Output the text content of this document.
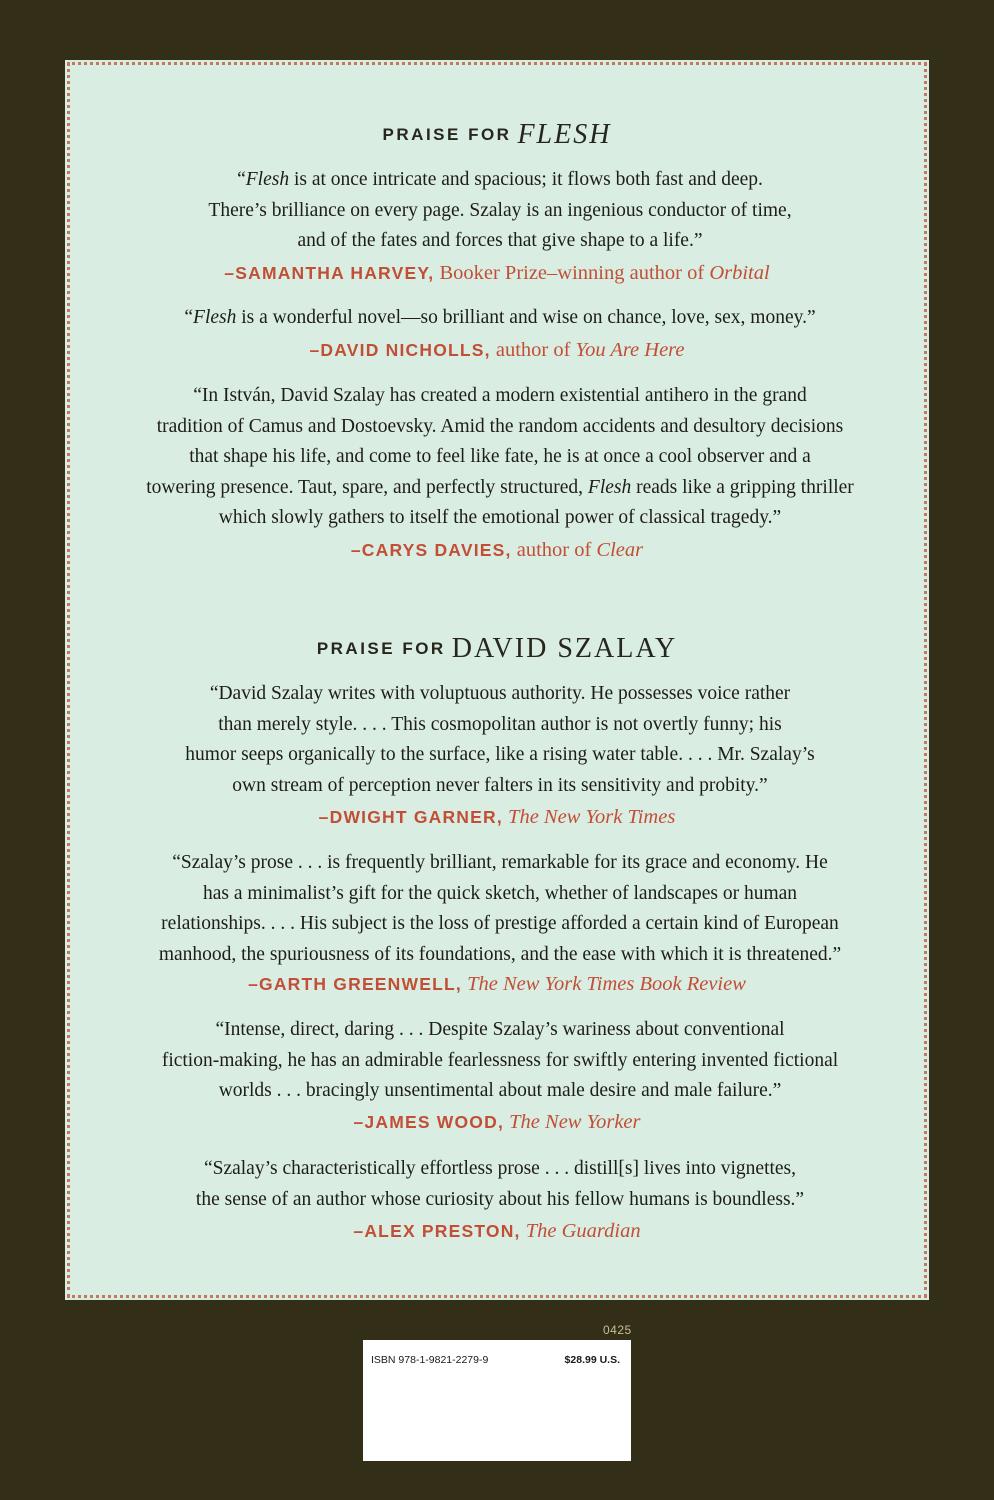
PRAISE FOR FLESH

“Flesh is at once intricate and spacious; it flows both fast and deep.

There’s brilliance on every page. Szalay is an ingenious conductor of time,

and of the fates and forces that give shape to a life.”

–SAMANTHA HARVEY, Booker Prize–winning author of Orbital

“Flesh is a wonderful novel—so brilliant and wise on chance, love, sex, money.”

–DAVID NICHOLLS, author of You Are Here

“In István, David Szalay has created a modern existential antihero in the grand

tradition of Camus and Dostoevsky. Amid the random accidents and desultory decisions

that shape his life, and come to feel like fate, he is at once a cool observer and a

towering presence. Taut, spare, and perfectly structured, Flesh reads like a gripping thriller

which slowly gathers to itself the emotional power of classical tragedy.”

–CARYS DAVIES, author of Clear
PRAISE FOR DAVID SZALAY

“David Szalay writes with voluptuous authority. He possesses voice rather

than merely style. . . . This cosmopolitan author is not overtly funny; his

humor seeps organically to the surface, like a rising water table. . . . Mr. Szalay’s

own stream of perception never falters in its sensitivity and probity.”

–DWIGHT GARNER, The New York Times

“Szalay’s prose . . . is frequently brilliant, remarkable for its grace and economy. He

has a minimalist’s gift for the quick sketch, whether of landscapes or human

relationships. . . . His subject is the loss of prestige afforded a certain kind of European

manhood, the spuriousness of its foundations, and the ease with which it is threatened.”

–GARTH GREENWELL, The New York Times Book Review

“Intense, direct, daring . . . Despite Szalay’s wariness about conventional

fiction-making, he has an admirable fearlessness for swiftly entering invented fictional

worlds . . . bracingly unsentimental about male desire and male failure.”

–JAMES WOOD, The New Yorker

“Szalay’s characteristically effortless prose . . . distill[s] lives into vignettes,

the sense of an author whose curiosity about his fellow humans is boundless.”

–ALEX PRESTON, The Guardian
0425
ISBN 978-1-9821-2279-9	$28.99 U.S.
